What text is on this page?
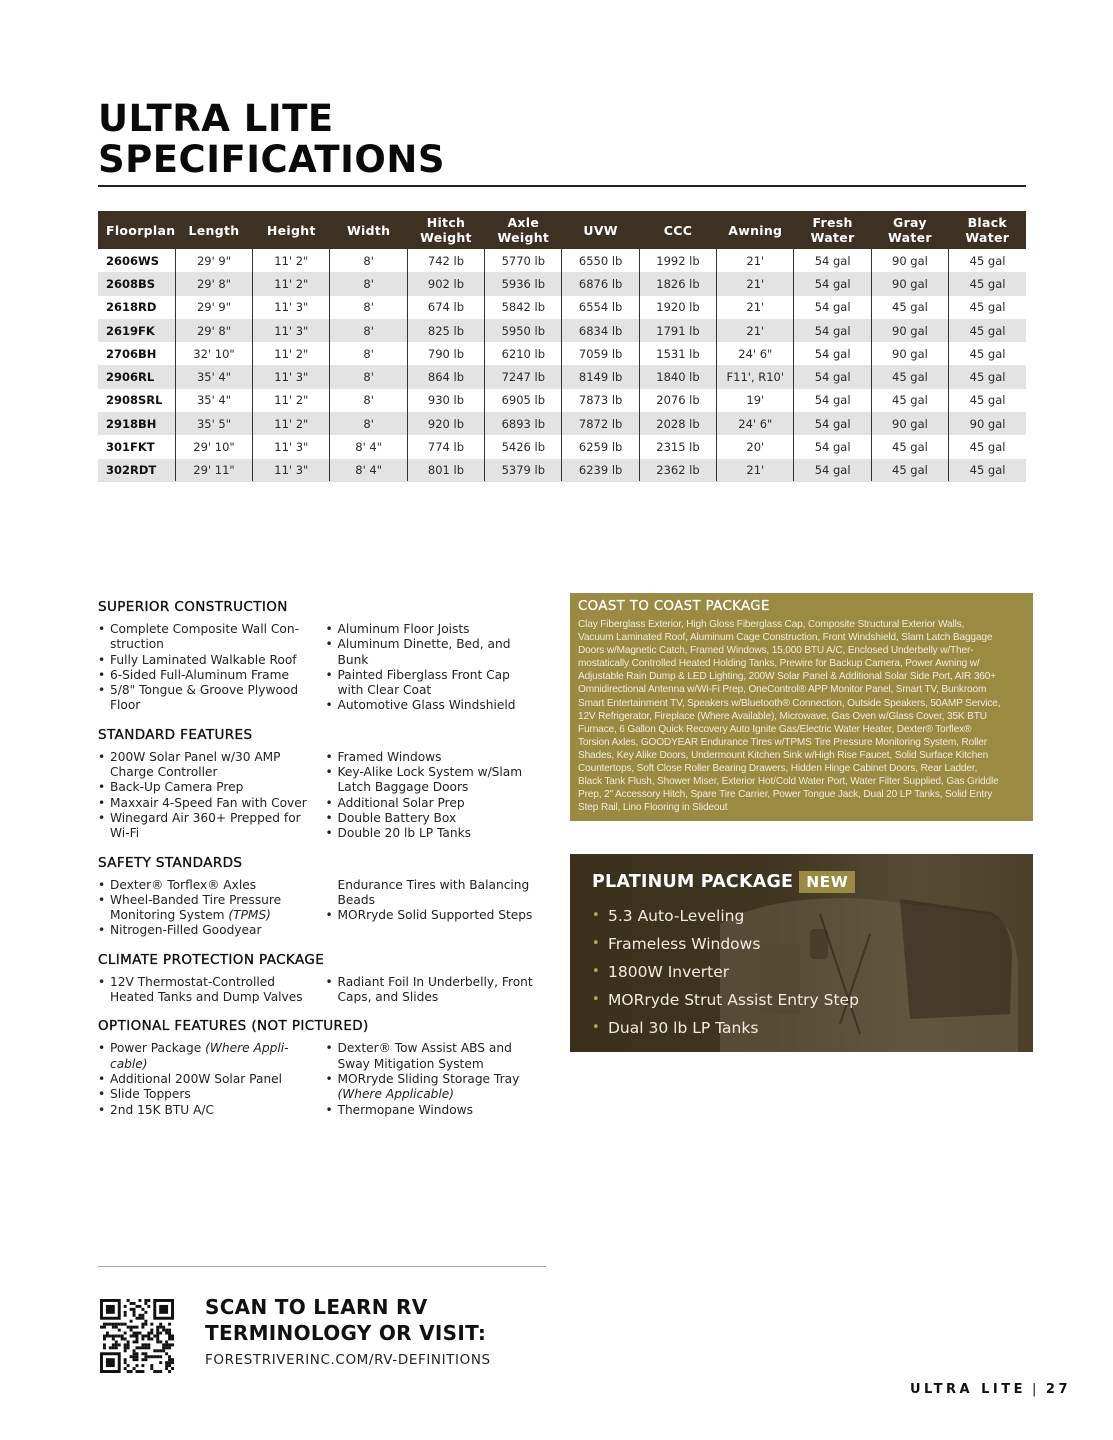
ULTRA LITE
SPECIFICATIONS
Floorplan	Length	Height	Width	Hitch Weight	Axle Weight	UVW	CCC	Awning	Fresh Water	Gray Water	Black Water
2606WS	29' 9"	11' 2"	8'	742 lb	5770 lb	6550 lb	1992 lb	21'	54 gal	90 gal	45 gal
2608BS	29' 8"	11' 2"	8'	902 lb	5936 lb	6876 lb	1826 lb	21'	54 gal	90 gal	45 gal
2618RD	29' 9"	11' 3"	8'	674 lb	5842 lb	6554 lb	1920 lb	21'	54 gal	45 gal	45 gal
2619FK	29' 8"	11' 3"	8'	825 lb	5950 lb	6834 lb	1791 lb	21'	54 gal	90 gal	45 gal
2706BH	32' 10"	11' 2"	8'	790 lb	6210 lb	7059 lb	1531 lb	24' 6"	54 gal	90 gal	45 gal
2906RL	35' 4"	11' 3"	8'	864 lb	7247 lb	8149 lb	1840 lb	F11', R10'	54 gal	45 gal	45 gal
2908SRL	35' 4"	11' 2"	8'	930 lb	6905 lb	7873 lb	2076 lb	19'	54 gal	45 gal	45 gal
2918BH	35' 5"	11' 2"	8'	920 lb	6893 lb	7872 lb	2028 lb	24' 6"	54 gal	90 gal	90 gal
301FKT	29' 10"	11' 3"	8' 4"	774 lb	5426 lb	6259 lb	2315 lb	20'	54 gal	45 gal	45 gal
302RDT	29' 11"	11' 3"	8' 4"	801 lb	5379 lb	6239 lb	2362 lb	21'	54 gal	45 gal	45 gal
SUPERIOR CONSTRUCTION
• Complete Composite Wall Con-
struction
• Fully Laminated Walkable Roof
• 6-Sided Full-Aluminum Frame
• 5/8" Tongue & Groove Plywood
Floor
• Aluminum Floor Joists
• Aluminum Dinette, Bed, and
Bunk
• Painted Fiberglass Front Cap
with Clear Coat
• Automotive Glass Windshield
STANDARD FEATURES
• 200W Solar Panel w/30 AMP
Charge Controller
• Back-Up Camera Prep
• Maxxair 4-Speed Fan with Cover
• Winegard Air 360+ Prepped for
Wi-Fi
• Framed Windows
• Key-Alike Lock System w/Slam
Latch Baggage Doors
• Additional Solar Prep
• Double Battery Box
• Double 20 lb LP Tanks
SAFETY STANDARDS
• Dexter® Torflex® Axles
• Wheel-Banded Tire Pressure
Monitoring System (TPMS)
• Nitrogen-Filled Goodyear
Endurance Tires with Balancing
Beads
• MORryde Solid Supported Steps
CLIMATE PROTECTION PACKAGE
• 12V Thermostat-Controlled
Heated Tanks and Dump Valves
• Radiant Foil In Underbelly, Front
Caps, and Slides
OPTIONAL FEATURES (NOT PICTURED)
• Power Package (Where Appli-
cable)
• Additional 200W Solar Panel
• Slide Toppers
• 2nd 15K BTU A/C
• Dexter® Tow Assist ABS and
Sway Mitigation System
• MORryde Sliding Storage Tray
(Where Applicable)
• Thermopane Windows
COAST TO COAST PACKAGE
Clay Fiberglass Exterior, High Gloss Fiberglass Cap, Composite Structural Exterior Walls,
Vacuum Laminated Roof, Aluminum Cage Construction, Front Windshield, Slam Latch Baggage
Doors w/Magnetic Catch, Framed Windows, 15,000 BTU A/C, Enclosed Underbelly w/Ther-
mostatically Controlled Heated Holding Tanks, Prewire for Backup Camera, Power Awning w/
Adjustable Rain Dump & LED Lighting, 200W Solar Panel & Additional Solar Side Port, AIR 360+
Omnidirectional Antenna w/Wi-Fi Prep, OneControl® APP Monitor Panel, Smart TV, Bunkroom
Smart Entertainment TV, Speakers w/Bluetooth® Connection, Outside Speakers, 50AMP Service,
12V Refrigerator, Fireplace (Where Available), Microwave, Gas Oven w/Glass Cover, 35K BTU
Furnace, 6 Gallon Quick Recovery Auto Ignite Gas/Electric Water Heater, Dexter® Torflex®
Torsion Axles, GOODYEAR Endurance Tires w/TPMS Tire Pressure Monitoring System, Roller
Shades, Key Alike Doors, Undermount Kitchen Sink w/High Rise Faucet, Solid Surface Kitchen
Countertops, Soft Close Roller Bearing Drawers, Hidden Hinge Cabinet Doors, Rear Ladder,
Black Tank Flush, Shower Miser, Exterior Hot/Cold Water Port, Water Filter Supplied, Gas Griddle
Prep, 2" Accessory Hitch, Spare Tire Carrier, Power Tongue Jack, Dual 20 LP Tanks, Solid Entry
Step Rail, Lino Flooring in Slideout
PLATINUM PACKAGE NEW
• 5.3 Auto-Leveling
• Frameless Windows
• 1800W Inverter
• MORryde Strut Assist Entry Step
• Dual 30 lb LP Tanks
SCAN TO LEARN RV
TERMINOLOGY OR VISIT:
FORESTRIVERINC.COM/RV-DEFINITIONS
ULTRA LITE | 27
